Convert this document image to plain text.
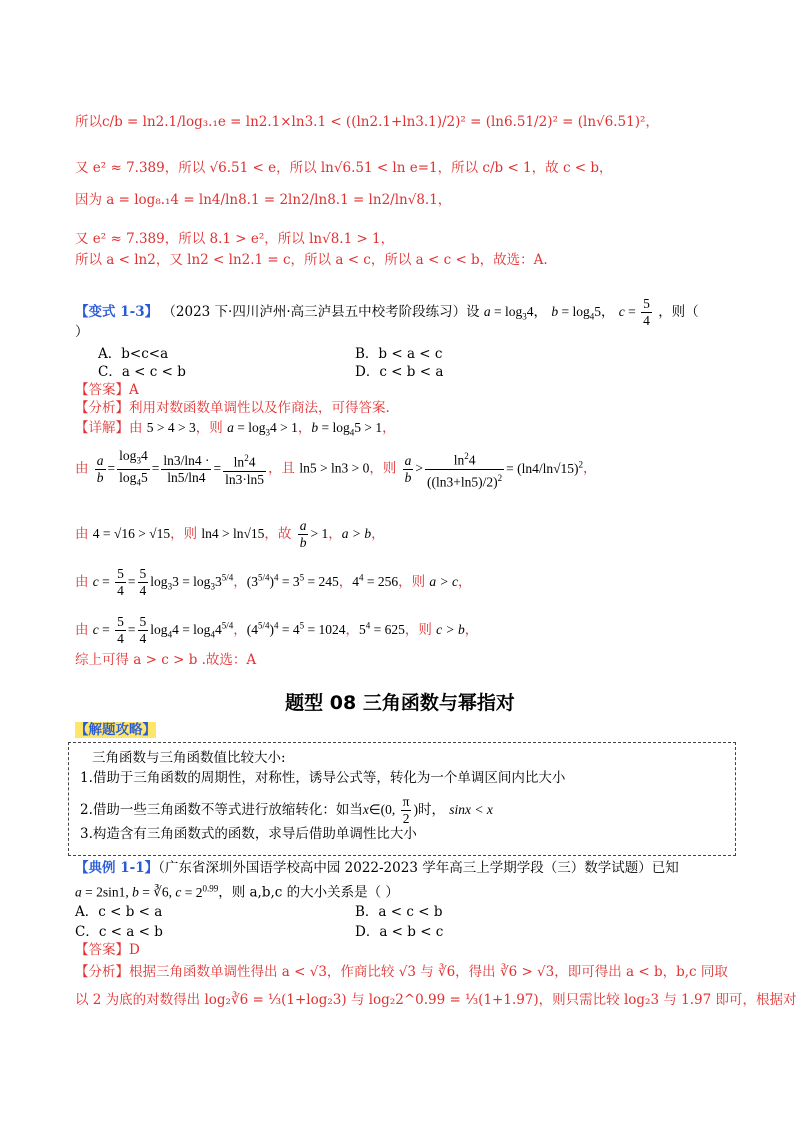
所以c/b = ln2.1/log₃.₁e = ln2.1×ln3.1 < ((ln2.1+ln3.1)/2)² = (ln6.51/2)² = (ln√6.51)²，
又 e² ≈ 7.389，所以 √6.51 < e，所以 ln√6.51 < ln e=1，所以 c/b < 1，故 c < b，
因为 a = log₈.₁4 = ln4/ln8.1 = 2ln2/ln8.1 = ln2/ln√8.1，
又 e² ≈ 7.389，所以 8.1 > e²，所以 ln√8.1 > 1，
所以 a < ln2，又 ln2 < ln2.1 = c，所以 a < c，所以 a < c < b，故选：A.
【变式 1-3】 （2023 下·四川泸州·高三泸县五中校考阶段练习）设 $a = \log_34$， $b = \log_45$， $c = \frac{5}{4}$ ，则（
）
A．b<c<a	B．b < a < c
C．a < c < b	D．c < b < a
【答案】A
【分析】利用对数函数单调性以及作商法，可得答案.
【详解】由 5 > 4 > 3，则 $a = \log_34 > 1$，$b = \log_45 > 1$，
由 $\frac{a}{b} = \frac{\log_34}{\log_45} = \frac{\ln 3/\ln 4 \cdot}{\ln 5/\ln 4} = \frac{\ln^24}{\ln 3\cdot\ln 5}$ ，且 ln5 > ln3 > 0，则 $\frac{a}{b} > \frac{\ln^24}{((\ln 3+\ln 5)/2)^2} = (\ln 4/\ln√15)^2$，
由 4 = √16 > √15，则 ln4 > ln√15，故 $\frac{a}{b} > 1$，a > b，
由 $c = \frac{5}{4} = \frac{5}{4} \log_33 = \log_33^{5/4}$，$(3^{5/4})^4 = 3^5 = 245$，$4^4 = 256$，则 a > c，
由 $c = \frac{5}{4} = \frac{5}{4} \log_44 = \log_44^{5/4}$，$(4^{5/4})^4 = 4^5 = 1024$，$5^4 = 625$，则 c > b，
综上可得 a > c > b .故选：A
题型 08 三角函数与幂指对
【解题攻略】
三角函数与三角函数值比较大小:
1.借助于三角函数的周期性，对称性，诱导公式等，转化为一个单调区间内比大小
2.借助一些三角函数不等式进行放缩转化：如当x∈(0, $\frac{\pi}{2}$ )时， sinx < x
3.构造含有三角函数式的函数，求导后借助单调性比大小
【典例 1-1】（广东省深圳外国语学校高中园 2022-2023 学年高三上学期学段（三）数学试题）已知
a = 2sin1, b = ∛6, $c = 2^{0.99}$，则 a,b,c 的大小关系是（ ）
A．c < b < a	B．a < c < b
C．c < a < b	D．a < b < c
【答案】D
【分析】根据三角函数单调性得出 a < √3，作商比较 √3 与 ∛6，得出 ∛6 > √3，即可得出 a < b，b,c 同取
以 2 为底的对数得出 log₂∛6 = ⅓(1+log₂3) 与 log₂2^0.99 = ⅓(1+1.97)，则只需比较 log₂3 与 1.97 即可，根据对
